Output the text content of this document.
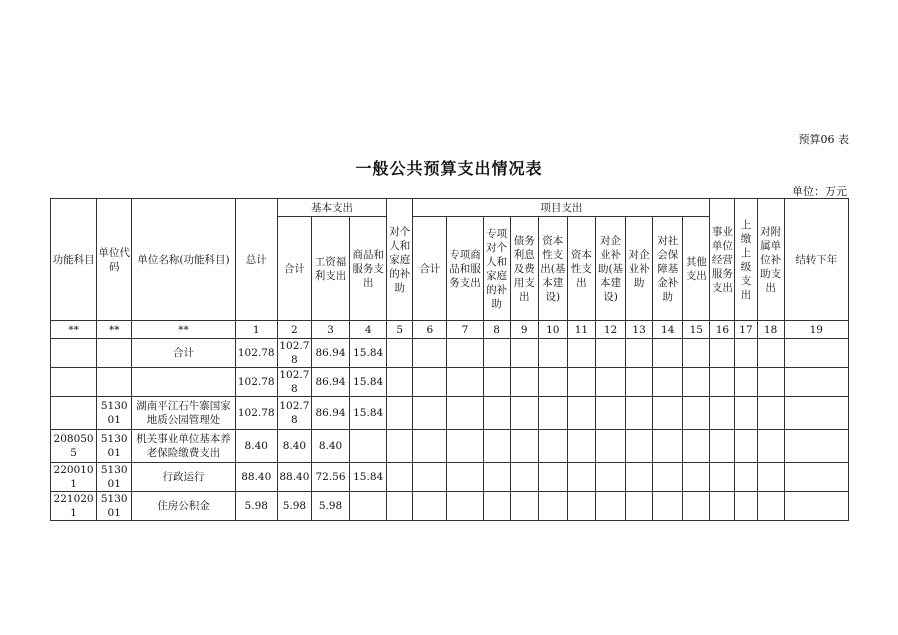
预算06 表
一般公共预算支出情况表
单位：万元
功能科目	单位代码	单位名称(功能科目)	总计	基本支出			对个人和家庭的补助	项目支出										事业单位经营服务支出	上缴上级支出	对附属单位补助支出	结转下年
				合计	工资福利支出	商品和服务支出		合计	专项商品和服务支出	专项对个人和家庭的补助	债务利息及费用支出	资本性支出(基本建设)	资本性支出	对企业补助(基本建设)	对企业补助	对社会保障基金补助	其他支出				
**	**	**	1	2	3	4	5	6	7	8	9	10	11	12	13	14	15	16	17	18	19
		合计	102.78	102.78	86.94	15.84															
			102.78	102.78	86.94	15.84															
	513001	湖南平江石牛寨国家地质公园管理处	102.78	102.78	86.94	15.84															
2080505	513001	机关事业单位基本养老保险缴费支出	8.40	8.40	8.40																
2200101	513001	行政运行	88.40	88.40	72.56	15.84															
2210201	513001	住房公积金	5.98	5.98	5.98																
